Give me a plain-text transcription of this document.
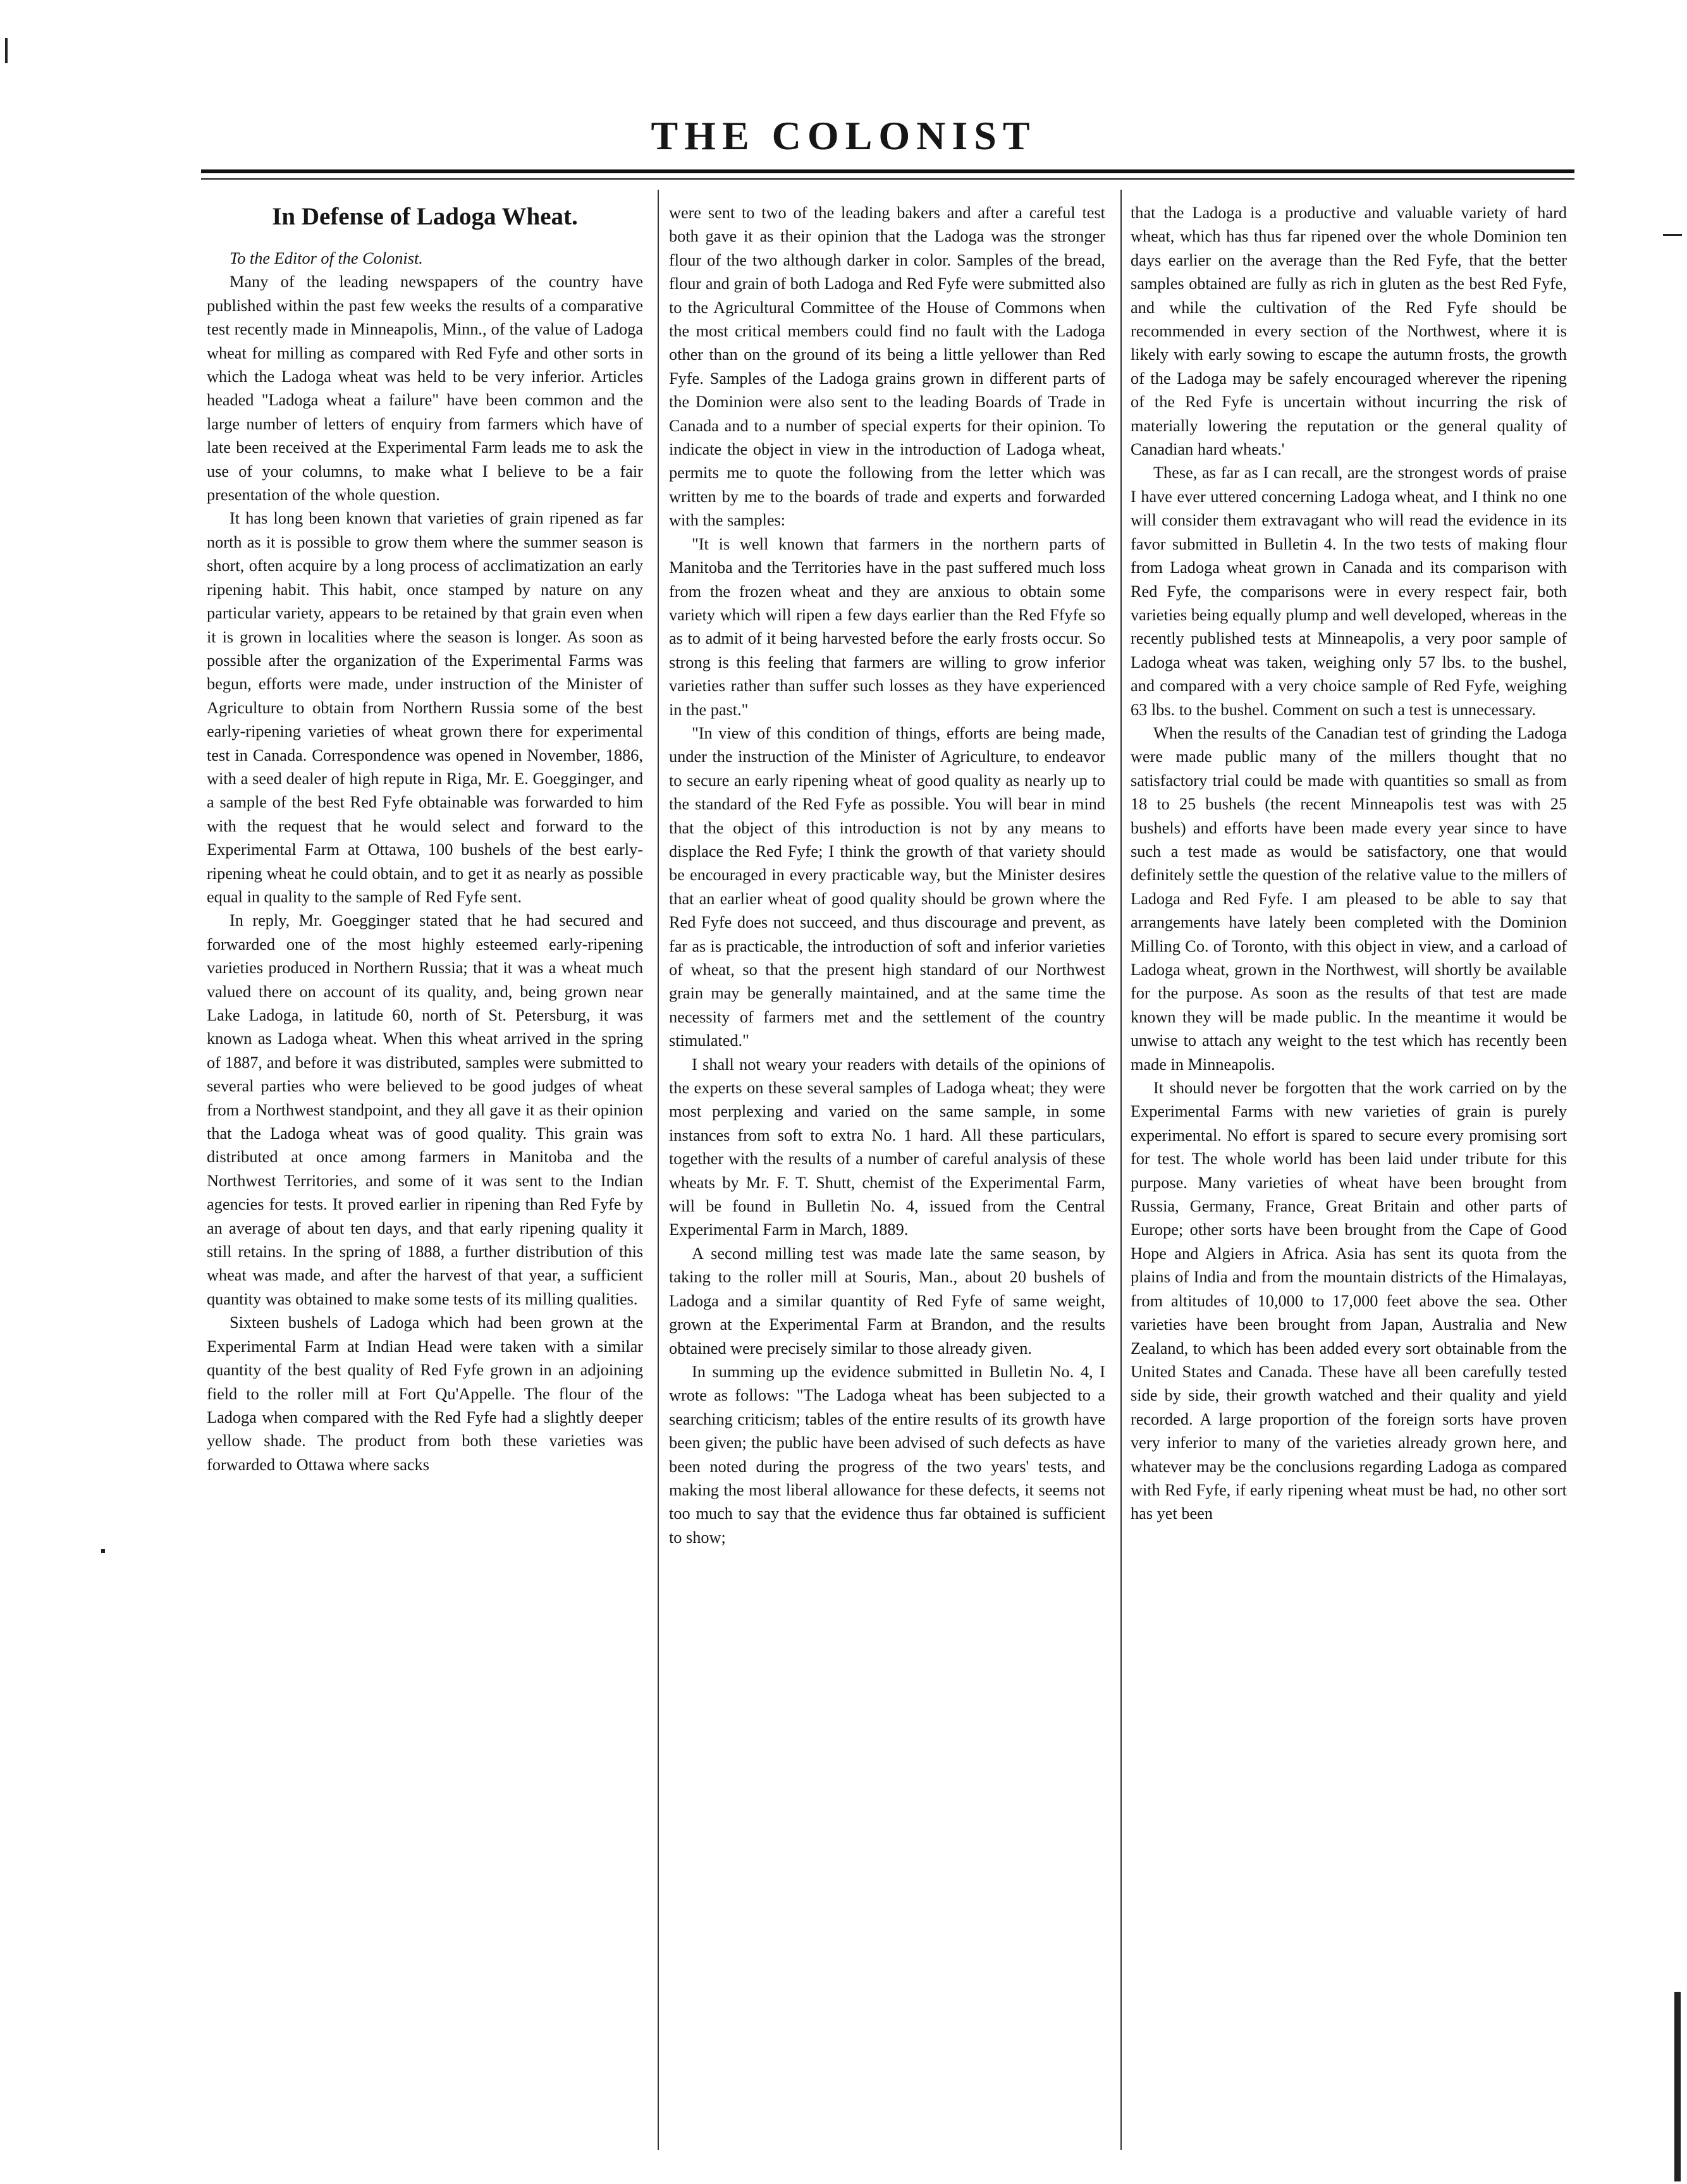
THE COLONIST
In Defense of Ladoga Wheat.

To the Editor of the Colonist.

Many of the leading newspapers of the country have published within the past few weeks the results of a comparative test recently made in Minneapolis, Minn., of the value of Ladoga wheat for milling as compared with Red Fyfe and other sorts in which the Ladoga wheat was held to be very inferior. Articles headed "Ladoga wheat a failure" have been common and the large number of letters of enquiry from farmers which have of late been received at the Experimental Farm leads me to ask the use of your columns, to make what I believe to be a fair presentation of the whole question.

It has long been known that varieties of grain ripened as far north as it is possible to grow them where the summer season is short, often acquire by a long process of acclimatization an early ripening habit. This habit, once stamped by nature on any particular variety, appears to be retained by that grain even when it is grown in localities where the season is longer. As soon as possible after the organization of the Experimental Farms was begun, efforts were made, under instruction of the Minister of Agriculture to obtain from Northern Russia some of the best early-ripening varieties of wheat grown there for experimental test in Canada. Correspondence was opened in November, 1886, with a seed dealer of high repute in Riga, Mr. E. Goegginger, and a sample of the best Red Fyfe obtainable was forwarded to him with the request that he would select and forward to the Experimental Farm at Ottawa, 100 bushels of the best early-ripening wheat he could obtain, and to get it as nearly as possible equal in quality to the sample of Red Fyfe sent.

In reply, Mr. Goegginger stated that he had secured and forwarded one of the most highly esteemed early-ripening varieties produced in Northern Russia; that it was a wheat much valued there on account of its quality, and, being grown near Lake Ladoga, in latitude 60, north of St. Petersburg, it was known as Ladoga wheat. When this wheat arrived in the spring of 1887, and before it was distributed, samples were submitted to several parties who were believed to be good judges of wheat from a Northwest standpoint, and they all gave it as their opinion that the Ladoga wheat was of good quality. This grain was distributed at once among farmers in Manitoba and the Northwest Territories, and some of it was sent to the Indian agencies for tests. It proved earlier in ripening than Red Fyfe by an average of about ten days, and that early ripening quality it still retains. In the spring of 1888, a further distribution of this wheat was made, and after the harvest of that year, a sufficient quantity was obtained to make some tests of its milling qualities.

Sixteen bushels of Ladoga which had been grown at the Experimental Farm at Indian Head were taken with a similar quantity of the best quality of Red Fyfe grown in an adjoining field to the roller mill at Fort Qu'Appelle. The flour of the Ladoga when compared with the Red Fyfe had a slightly deeper yellow shade. The product from both these varieties was forwarded to Ottawa where sacks

were sent to two of the leading bakers and after a careful test both gave it as their opinion that the Ladoga was the stronger flour of the two although darker in color. Samples of the bread, flour and grain of both Ladoga and Red Fyfe were submitted also to the Agricultural Committee of the House of Commons when the most critical members could find no fault with the Ladoga other than on the ground of its being a little yellower than Red Fyfe. Samples of the Ladoga grains grown in different parts of the Dominion were also sent to the leading Boards of Trade in Canada and to a number of special experts for their opinion. To indicate the object in view in the introduction of Ladoga wheat, permits me to quote the following from the letter which was written by me to the boards of trade and experts and forwarded with the samples:

"It is well known that farmers in the northern parts of Manitoba and the Territories have in the past suffered much loss from the frozen wheat and they are anxious to obtain some variety which will ripen a few days earlier than the Red Ffyfe so as to admit of it being harvested before the early frosts occur. So strong is this feeling that farmers are willing to grow inferior varieties rather than suffer such losses as they have experienced in the past."

"In view of this condition of things, efforts are being made, under the instruction of the Minister of Agriculture, to endeavor to secure an early ripening wheat of good quality as nearly up to the standard of the Red Fyfe as possible. You will bear in mind that the object of this introduction is not by any means to displace the Red Fyfe; I think the growth of that variety should be encouraged in every practicable way, but the Minister desires that an earlier wheat of good quality should be grown where the Red Fyfe does not succeed, and thus discourage and prevent, as far as is practicable, the introduction of soft and inferior varieties of wheat, so that the present high standard of our Northwest grain may be generally maintained, and at the same time the necessity of farmers met and the settlement of the country stimulated."

I shall not weary your readers with details of the opinions of the experts on these several samples of Ladoga wheat; they were most perplexing and varied on the same sample, in some instances from soft to extra No. 1 hard. All these particulars, together with the results of a number of careful analysis of these wheats by Mr. F. T. Shutt, chemist of the Experimental Farm, will be found in Bulletin No. 4, issued from the Central Experimental Farm in March, 1889.

A second milling test was made late the same season, by taking to the roller mill at Souris, Man., about 20 bushels of Ladoga and a similar quantity of Red Fyfe of same weight, grown at the Experimental Farm at Brandon, and the results obtained were precisely similar to those already given.

In summing up the evidence submitted in Bulletin No. 4, I wrote as follows: "The Ladoga wheat has been subjected to a searching criticism; tables of the entire results of its growth have been given; the public have been advised of such defects as have been noted during the progress of the two years' tests, and making the most liberal allowance for these defects, it seems not too much to say that the evidence thus far obtained is sufficient to show;

that the Ladoga is a productive and valuable variety of hard wheat, which has thus far ripened over the whole Dominion ten days earlier on the average than the Red Fyfe, that the better samples obtained are fully as rich in gluten as the best Red Fyfe, and while the cultivation of the Red Fyfe should be recommended in every section of the Northwest, where it is likely with early sowing to escape the autumn frosts, the growth of the Ladoga may be safely encouraged wherever the ripening of the Red Fyfe is uncertain without incurring the risk of materially lowering the reputation or the general quality of Canadian hard wheats.'

These, as far as I can recall, are the strongest words of praise I have ever uttered concerning Ladoga wheat, and I think no one will consider them extravagant who will read the evidence in its favor submitted in Bulletin 4. In the two tests of making flour from Ladoga wheat grown in Canada and its comparison with Red Fyfe, the comparisons were in every respect fair, both varieties being equally plump and well developed, whereas in the recently published tests at Minneapolis, a very poor sample of Ladoga wheat was taken, weighing only 57 lbs. to the bushel, and compared with a very choice sample of Red Fyfe, weighing 63 lbs. to the bushel. Comment on such a test is unnecessary.

When the results of the Canadian test of grinding the Ladoga were made public many of the millers thought that no satisfactory trial could be made with quantities so small as from 18 to 25 bushels (the recent Minneapolis test was with 25 bushels) and efforts have been made every year since to have such a test made as would be satisfactory, one that would definitely settle the question of the relative value to the millers of Ladoga and Red Fyfe. I am pleased to be able to say that arrangements have lately been completed with the Dominion Milling Co. of Toronto, with this object in view, and a carload of Ladoga wheat, grown in the Northwest, will shortly be available for the purpose. As soon as the results of that test are made known they will be made public. In the meantime it would be unwise to attach any weight to the test which has recently been made in Minneapolis.

It should never be forgotten that the work carried on by the Experimental Farms with new varieties of grain is purely experimental. No effort is spared to secure every promising sort for test. The whole world has been laid under tribute for this purpose. Many varieties of wheat have been brought from Russia, Germany, France, Great Britain and other parts of Europe; other sorts have been brought from the Cape of Good Hope and Algiers in Africa. Asia has sent its quota from the plains of India and from the mountain districts of the Himalayas, from altitudes of 10,000 to 17,000 feet above the sea. Other varieties have been brought from Japan, Australia and New Zealand, to which has been added every sort obtainable from the United States and Canada. These have all been carefully tested side by side, their growth watched and their quality and yield recorded. A large proportion of the foreign sorts have proven very inferior to many of the varieties already grown here, and whatever may be the conclusions regarding Ladoga as compared with Red Fyfe, if early ripening wheat must be had, no other sort has yet been
